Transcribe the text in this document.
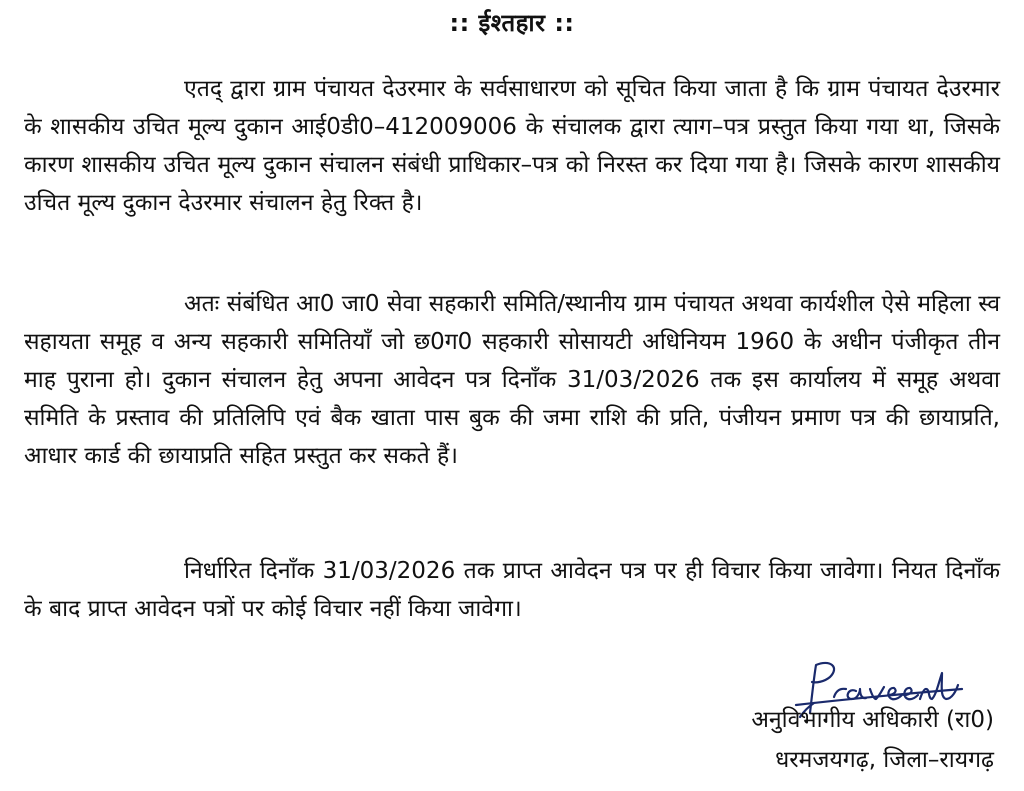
:: ईश्तहार ::

एतद् द्वारा ग्राम पंचायत देउरमार के सर्वसाधारण को सूचित किया जाता है कि ग्राम पंचायत देउरमार के शासकीय उचित मूल्य दुकान आई0डी0–412009006 के संचालक द्वारा त्याग–पत्र प्रस्तुत किया गया था, जिसके कारण शासकीय उचित मूल्य दुकान संचालन संबंधी प्राधिकार–पत्र को निरस्त कर दिया गया है। जिसके कारण शासकीय उचित मूल्य दुकान देउरमार संचालन हेतु रिक्त है।

अतः संबंधित आ0 जा0 सेवा सहकारी समिति/स्थानीय ग्राम पंचायत अथवा कार्यशील ऐसे महिला स्व सहायता समूह व अन्य सहकारी समितियाँ जो छ0ग0 सहकारी सोसायटी अधिनियम 1960 के अधीन पंजीकृत तीन माह पुराना हो। दुकान संचालन हेतु अपना आवेदन पत्र दिनाँक 31/03/2026 तक इस कार्यालय में समूह अथवा समिति के प्रस्ताव की प्रतिलिपि एवं बैक खाता पास बुक की जमा राशि की प्रति, पंजीयन प्रमाण पत्र की छायाप्रति, आधार कार्ड की छायाप्रति सहित प्रस्तुत कर सकते हैं।

निर्धारित दिनाँक 31/03/2026 तक प्राप्त आवेदन पत्र पर ही विचार किया जावेगा। नियत दिनाँक के बाद प्राप्त आवेदन पत्रों पर कोई विचार नहीं किया जावेगा।

अनुविभागीय अधिकारी (रा0)
धरमजयगढ़, जिला–रायगढ़
